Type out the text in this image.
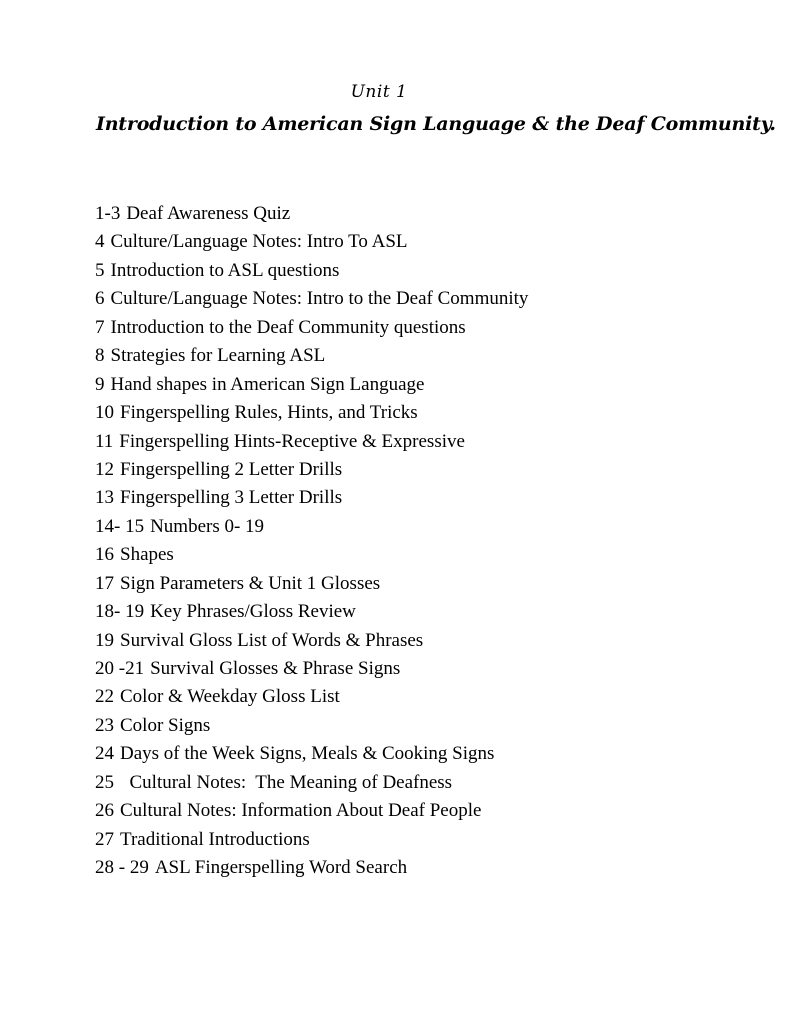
Unit 1
Introduction to American Sign Language & the Deaf Community.
1-3 Deaf Awareness Quiz
4 Culture/Language Notes: Intro To ASL
5 Introduction to ASL questions
6 Culture/Language Notes: Intro to the Deaf Community
7 Introduction to the Deaf Community questions
8 Strategies for Learning ASL
9 Hand shapes in American Sign Language
10 Fingerspelling Rules, Hints, and Tricks
11 Fingerspelling Hints-Receptive & Expressive
12 Fingerspelling 2 Letter Drills
13 Fingerspelling 3 Letter Drills
14- 15 Numbers 0- 19
16 Shapes
17 Sign Parameters & Unit 1 Glosses
18- 19 Key Phrases/Gloss Review
19 Survival Gloss List of Words & Phrases
20 -21 Survival Glosses & Phrase Signs
22 Color & Weekday Gloss List
23 Color Signs
24 Days of the Week Signs, Meals & Cooking Signs
25  Cultural Notes:  The Meaning of Deafness
26 Cultural Notes: Information About Deaf People
27 Traditional Introductions
28 - 29 ASL Fingerspelling Word Search
